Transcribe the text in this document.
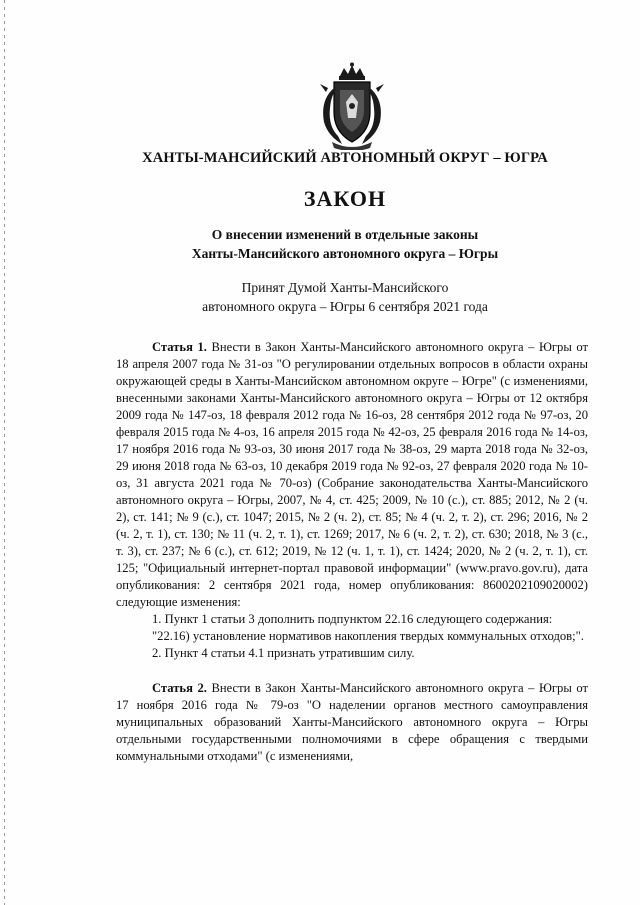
ХАНТЫ-МАНСИЙСКИЙ АВТОНОМНЫЙ ОКРУГ – ЮГРА
ЗАКОН
О внесении изменений в отдельные законы
Ханты-Мансийского автономного округа – Югры
Принят Думой Ханты-Мансийского
автономного округа – Югры 6 сентября 2021 года

Статья 1. Внести в Закон Ханты-Мансийского автономного округа – Югры от 18 апреля 2007 года № 31-оз "О регулировании отдельных вопросов в области охраны окружающей среды в Ханты-Мансийском автономном округе – Югре" (с изменениями, внесенными законами Ханты-Мансийского автономного округа – Югры от 12 октября 2009 года № 147-оз, 18 февраля 2012 года № 16-оз, 28 сентября 2012 года № 97-оз, 20 февраля 2015 года № 4-оз, 16 апреля 2015 года № 42-оз, 25 февраля 2016 года № 14-оз, 17 ноября 2016 года № 93-оз, 30 июня 2017 года № 38-оз, 29 марта 2018 года № 32-оз, 29 июня 2018 года № 63-оз, 10 декабря 2019 года № 92-оз, 27 февраля 2020 года № 10-оз, 31 августа 2021 года № 70-оз) (Собрание законодательства Ханты-Мансийского автономного округа – Югры, 2007, № 4, ст. 425; 2009, № 10 (с.), ст. 885; 2012, № 2 (ч. 2), ст. 141; № 9 (с.), ст. 1047; 2015, № 2 (ч. 2), ст. 85; № 4 (ч. 2, т. 2), ст. 296; 2016, № 2 (ч. 2, т. 1), ст. 130; № 11 (ч. 2, т. 1), ст. 1269; 2017, № 6 (ч. 2, т. 2), ст. 630; 2018, № 3 (с., т. 3), ст. 237; № 6 (с.), ст. 612; 2019, № 12 (ч. 1, т. 1), ст. 1424; 2020, № 2 (ч. 2, т. 1), ст. 125; "Официальный интернет-портал правовой информации" (www.pravo.gov.ru), дата опубликования: 2 сентября 2021 года, номер опубликования: 8600202109020002) следующие изменения:

1. Пункт 1 статьи 3 дополнить подпунктом 22.16 следующего содержания:

"22.16) установление нормативов накопления твердых коммунальных отходов;".

2. Пункт 4 статьи 4.1 признать утратившим силу.

Статья 2. Внести в Закон Ханты-Мансийского автономного округа – Югры от 17 ноября 2016 года № 79-оз "О наделении органов местного самоуправления муниципальных образований Ханты-Мансийского автономного округа – Югры отдельными государственными полномочиями в сфере обращения с твердыми коммунальными отходами" (с изменениями,
